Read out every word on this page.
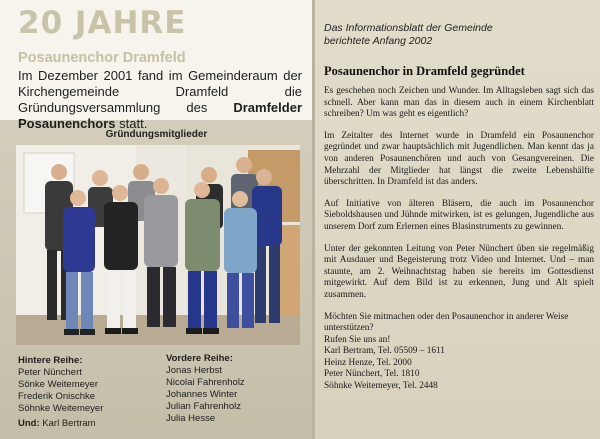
20 JAHRE
Posaunenchor Dramfeld
Im Dezember 2001 fand im Gemeinderaum der Kirchengemeinde Dramfeld die Gründungsversammlung des Dramfelder Posaunenchors statt.
Gründungsmitglieder
Hintere Reihe:
Peter Nünchert
Sönke Weitemeyer
Frederik Onischke
Söhnke Weitemeyer
Vordere Reihe:
Jonas Herbst
Nicolai Fahrenholz
Johannes Winter
Julian Fahrenholz
Julia Hesse
Und: Karl Bertram
Das Informationsblatt der Gemeinde
berichtete Anfang 2002
Posaunenchor in Dramfeld gegründet

Es geschehen noch Zeichen und Wunder. Im Alltagsleben sagt sich das schnell. Aber kann man das in diesem auch in einem Kirchenblatt schreiben? Um was geht es eigentlich?

Im Zeitalter des Internet wurde in Dramfeld ein Posaunenchor gegründet und zwar hauptsächlich mit Jugendlichen. Man kennt das ja von anderen Posaunenchören und auch von Gesangvereinen. Die Mehrzahl der Mitglieder hat längst die zweite Lebenshälfte überschritten. In Dramfeld ist das anders.

Auf Initiative von älteren Bläsern, die auch im Posaunenchor Sieboldshausen und Jühnde mitwirken, ist es gelungen, Jugendliche aus unserem Dorf zum Erlernen eines Blasinstruments zu gewinnen.

Unter der gekonnten Leitung von Peter Nünchert üben sie regelmäßig mit Ausdauer und Begeisterung trotz Video und Internet. Und – man staunte, am 2. Weihnachtstag haben sie bereits im Gottesdienst mitgewirkt. Auf dem Bild ist zu erkennen, Jung und Alt spielt zusammen.

Möchten Sie mitmachen oder den Posaunenchor in anderer Weise unterstützen?
Rufen Sie uns an!
Karl Bertram, Tel. 05509 – 1611
Heinz Henze, Tel. 2000
Peter Nünchert, Tel. 1810
Söhnke Weitemeyer, Tel. 2448
